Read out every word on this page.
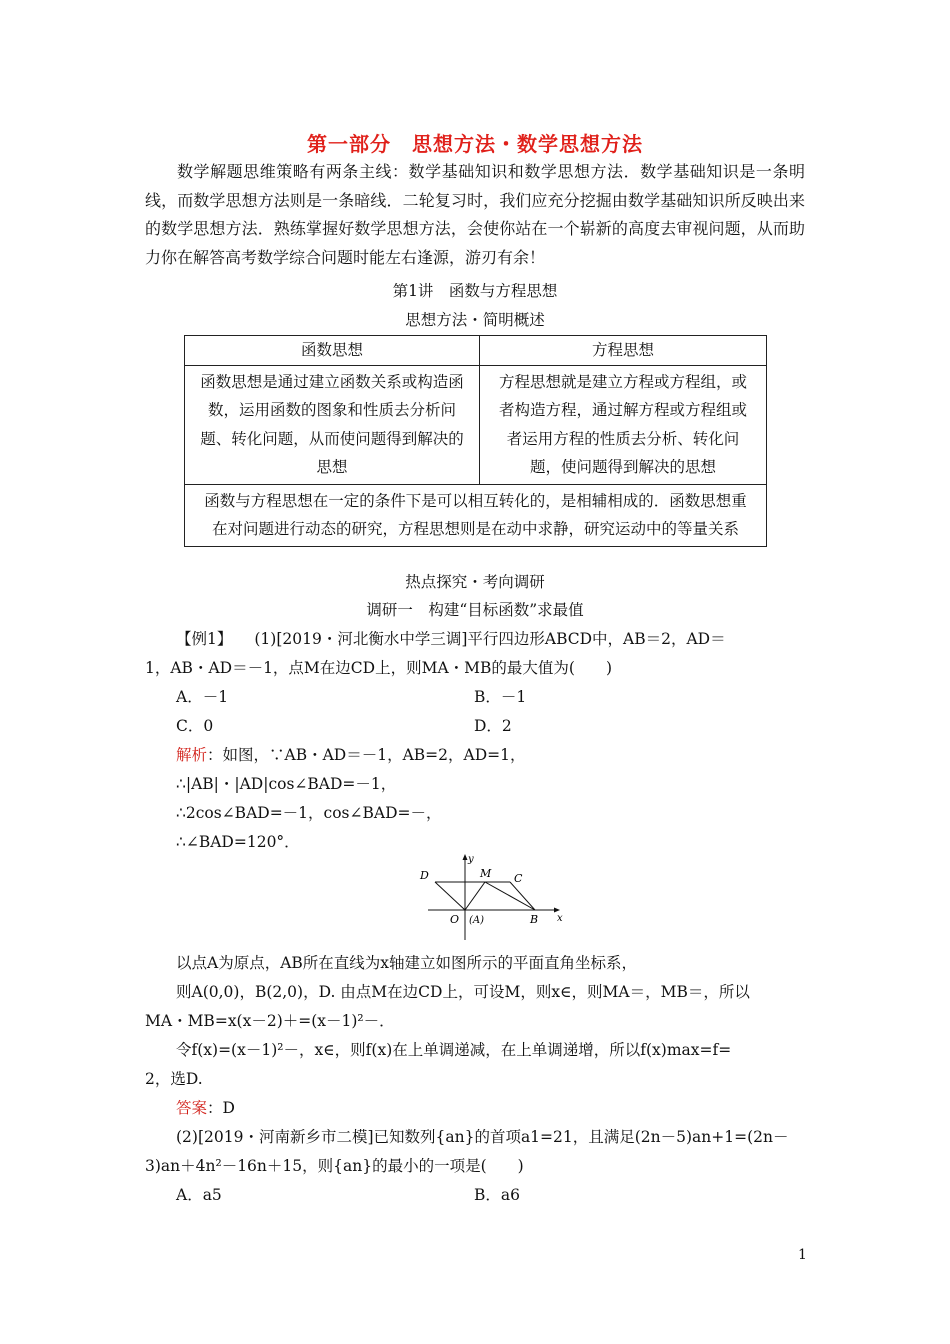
第一部分　思想方法・数学思想方法
数学解题思维策略有两条主线：数学基础知识和数学思想方法．数学基础知识是一条明线，而数学思想方法则是一条暗线．二轮复习时，我们应充分挖掘由数学基础知识所反映出来的数学思想方法．熟练掌握好数学思想方法，会使你站在一个崭新的高度去审视问题，从而助力你在解答高考数学综合问题时能左右逢源，游刃有余！
第1讲　函数与方程思想
思想方法・简明概述
函数思想	方程思想
函数思想是通过建立函数关系或构造函数，运用函数的图象和性质去分析问题、转化问题，从而使问题得到解决的思想	方程思想就是建立方程或方程组，或者构造方程，通过解方程或方程组或者运用方程的性质去分析、转化问题，使问题得到解决的思想
函数与方程思想在一定的条件下是可以相互转化的，是相辅相成的．函数思想重在对问题进行动态的研究，方程思想则是在动中求静，研究运动中的等量关系	
热点探究・考向调研
调研一　构建“目标函数”求最值
【例1】 (1)[2019・河北衡水中学三调]平行四边形ABCD中，AB＝2，AD＝
1，AB・AD＝－1，点M在边CD上，则MA・MB的最大值为(　　)
A．－1	B．－1
C．0	D．2
解析：如图，∵AB・AD＝－1，AB=2，AD=1，
∴|AB|・|AD|cos∠BAD=－1，
∴2cos∠BAD=－1，cos∠BAD=－，
∴∠BAD=120°．
D	M C
y
O (A)	B x
以点A为原点，AB所在直线为x轴建立如图所示的平面直角坐标系，
则A(0,0)，B(2,0)，D. 由点M在边CD上，可设M，则x∈，则MA＝，MB＝，所以
MA・MB=x(x－2)＋=(x－1)²－．
令f(x)=(x－1)²－，x∈，则f(x)在上单调递减，在上单调递增，所以f(x)max=f=
2，选D.
答案：D
(2)[2019・河南新乡市二模]已知数列{an}的首项a1=21，且满足(2n－5)an+1=(2n－
3)an＋4n²－16n＋15，则{an}的最小的一项是(　　)
A．a5	B．a6
1
